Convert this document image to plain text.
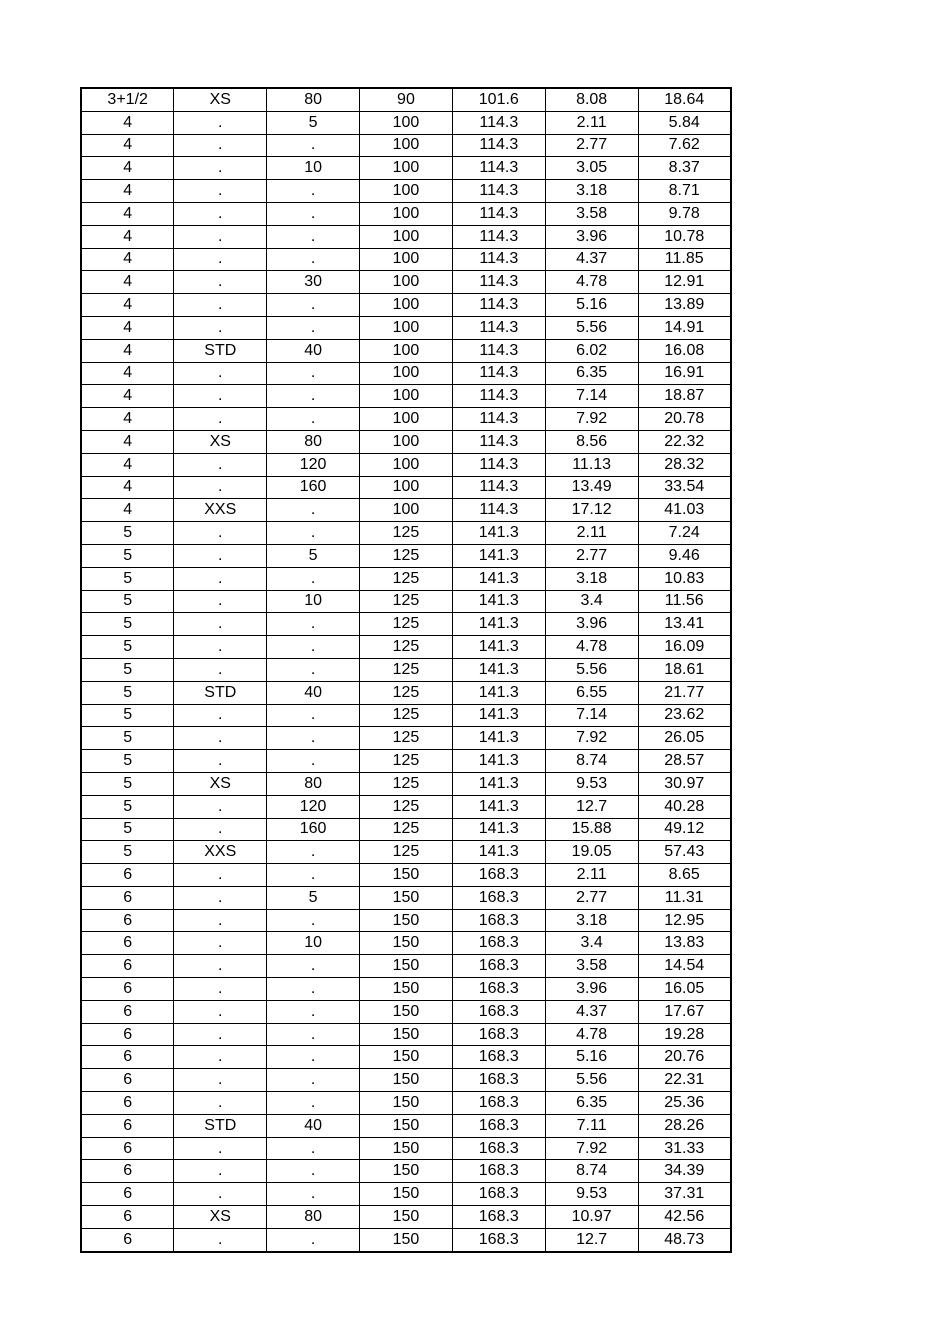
3+1/2	XS	80	90	101.6	8.08	18.64
4	.	5	100	114.3	2.11	5.84
4	.	.	100	114.3	2.77	7.62
4	.	10	100	114.3	3.05	8.37
4	.	.	100	114.3	3.18	8.71
4	.	.	100	114.3	3.58	9.78
4	.	.	100	114.3	3.96	10.78
4	.	.	100	114.3	4.37	11.85
4	.	30	100	114.3	4.78	12.91
4	.	.	100	114.3	5.16	13.89
4	.	.	100	114.3	5.56	14.91
4	STD	40	100	114.3	6.02	16.08
4	.	.	100	114.3	6.35	16.91
4	.	.	100	114.3	7.14	18.87
4	.	.	100	114.3	7.92	20.78
4	XS	80	100	114.3	8.56	22.32
4	.	120	100	114.3	11.13	28.32
4	.	160	100	114.3	13.49	33.54
4	XXS	.	100	114.3	17.12	41.03
5	.	.	125	141.3	2.11	7.24
5	.	5	125	141.3	2.77	9.46
5	.	.	125	141.3	3.18	10.83
5	.	10	125	141.3	3.4	11.56
5	.	.	125	141.3	3.96	13.41
5	.	.	125	141.3	4.78	16.09
5	.	.	125	141.3	5.56	18.61
5	STD	40	125	141.3	6.55	21.77
5	.	.	125	141.3	7.14	23.62
5	.	.	125	141.3	7.92	26.05
5	.	.	125	141.3	8.74	28.57
5	XS	80	125	141.3	9.53	30.97
5	.	120	125	141.3	12.7	40.28
5	.	160	125	141.3	15.88	49.12
5	XXS	.	125	141.3	19.05	57.43
6	.	.	150	168.3	2.11	8.65
6	.	5	150	168.3	2.77	11.31
6	.	.	150	168.3	3.18	12.95
6	.	10	150	168.3	3.4	13.83
6	.	.	150	168.3	3.58	14.54
6	.	.	150	168.3	3.96	16.05
6	.	.	150	168.3	4.37	17.67
6	.	.	150	168.3	4.78	19.28
6	.	.	150	168.3	5.16	20.76
6	.	.	150	168.3	5.56	22.31
6	.	.	150	168.3	6.35	25.36
6	STD	40	150	168.3	7.11	28.26
6	.	.	150	168.3	7.92	31.33
6	.	.	150	168.3	8.74	34.39
6	.	.	150	168.3	9.53	37.31
6	XS	80	150	168.3	10.97	42.56
6	.	.	150	168.3	12.7	48.73
